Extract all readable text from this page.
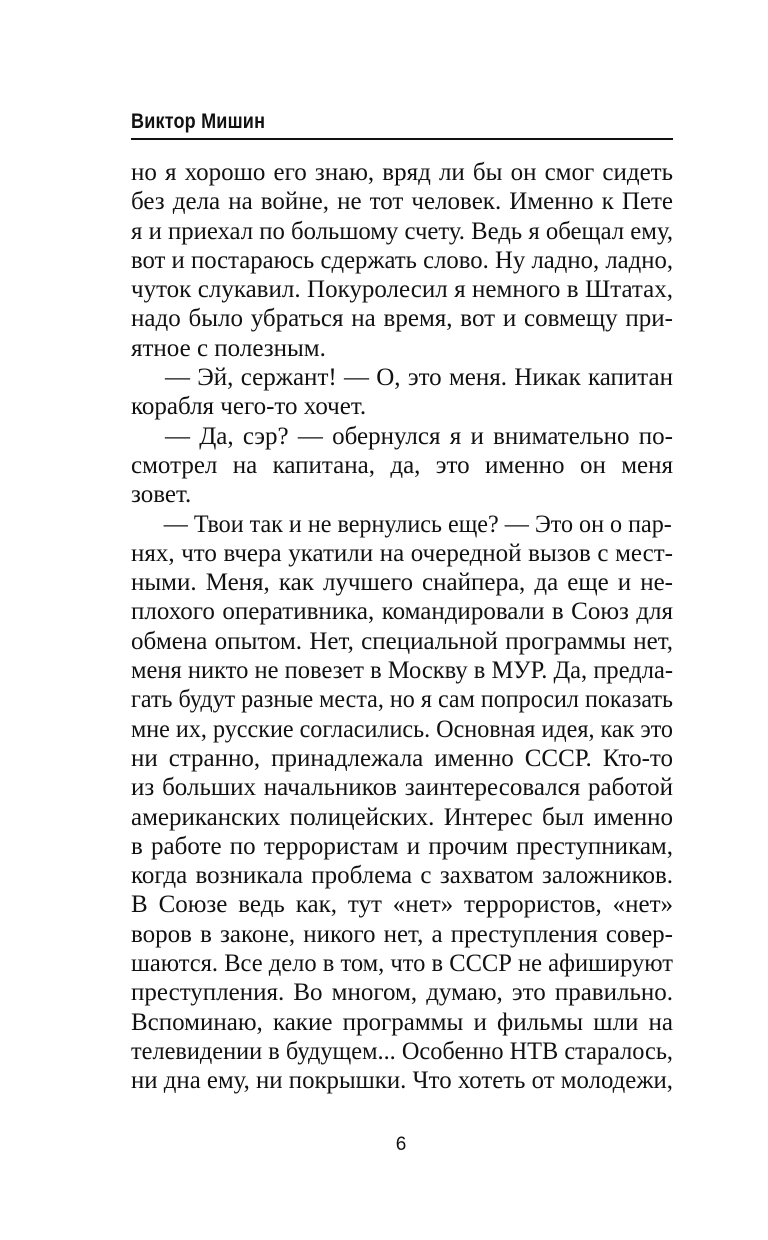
Виктор Мишин
но я хорошо его знаю, вряд ли бы он смог сидеть
без дела на войне, не тот человек. Именно к Пете
я и приехал по большому счету. Ведь я обещал ему,
вот и постараюсь сдержать слово. Ну ладно, ладно,
чуток слукавил. Покуролесил я немного в Штатах,
надо было убраться на время, вот и совмещу при-
ятное с полезным.
— Эй, сержант! — О, это меня. Никак капитан
корабля чего-то хочет.
— Да, сэр? — обернулся я и внимательно по-
смотрел на капитана, да, это именно он меня
зовет.
— Твои так и не вернулись еще? — Это он о пар-
нях, что вчера укатили на очередной вызов с мест-
ными. Меня, как лучшего снайпера, да еще и не-
плохого оперативника, командировали в Союз для
обмена опытом. Нет, специальной программы нет,
меня никто не повезет в Москву в МУР. Да, предла-
гать будут разные места, но я сам попросил показать
мне их, русские согласились. Основная идея, как это
ни странно, принадлежала именно СССР. Кто-то
из больших начальников заинтересовался работой
американских полицейских. Интерес был именно
в работе по террористам и прочим преступникам,
когда возникала проблема с захватом заложников.
В Союзе ведь как, тут «нет» террористов, «нет»
воров в законе, никого нет, а преступления совер-
шаются. Все дело в том, что в СССР не афишируют
преступления. Во многом, думаю, это правильно.
Вспоминаю, какие программы и фильмы шли на
телевидении в будущем... Особенно НТВ старалось,
ни дна ему, ни покрышки. Что хотеть от молодежи,
6
